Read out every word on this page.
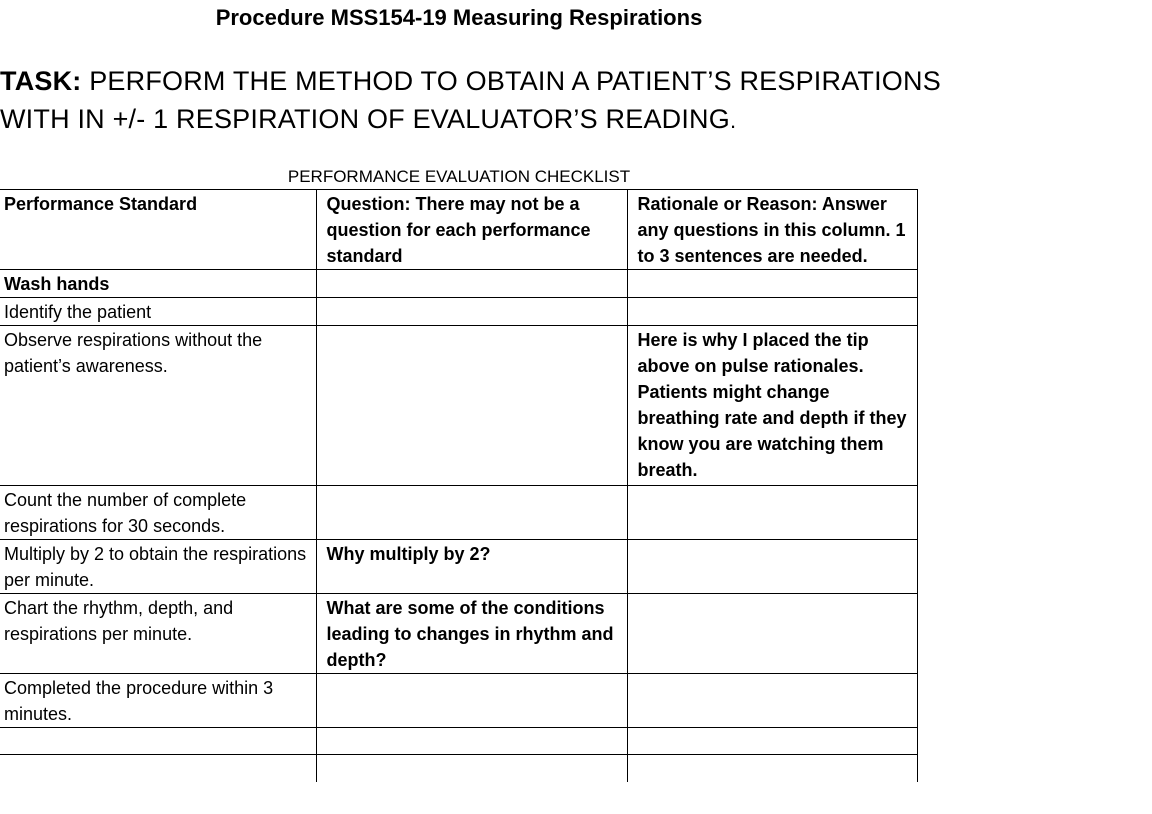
Procedure MSS154-19 Measuring Respirations
TASK: PERFORM THE METHOD TO OBTAIN A PATIENT’S RESPIRATIONS
WITH IN +/- 1 RESPIRATION OF EVALUATOR’S READING.
PERFORMANCE EVALUATION CHECKLIST
Performance Standard	Question: There may not be a question for each performance standard	Rationale or Reason: Answer any questions in this column. 1 to 3 sentences are needed.
Wash hands		
Identify the patient		
Observe respirations without the patient’s awareness.		Here is why I placed the tip above on pulse rationales. Patients might change breathing rate and depth if they know you are watching them breath.
Count the number of complete respirations for 30 seconds.		
Multiply by 2 to obtain the respirations per minute.	Why multiply by 2?	
Chart the rhythm, depth, and respirations per minute.	What are some of the conditions leading to changes in rhythm and depth?	
Completed the procedure within 3 minutes.		
